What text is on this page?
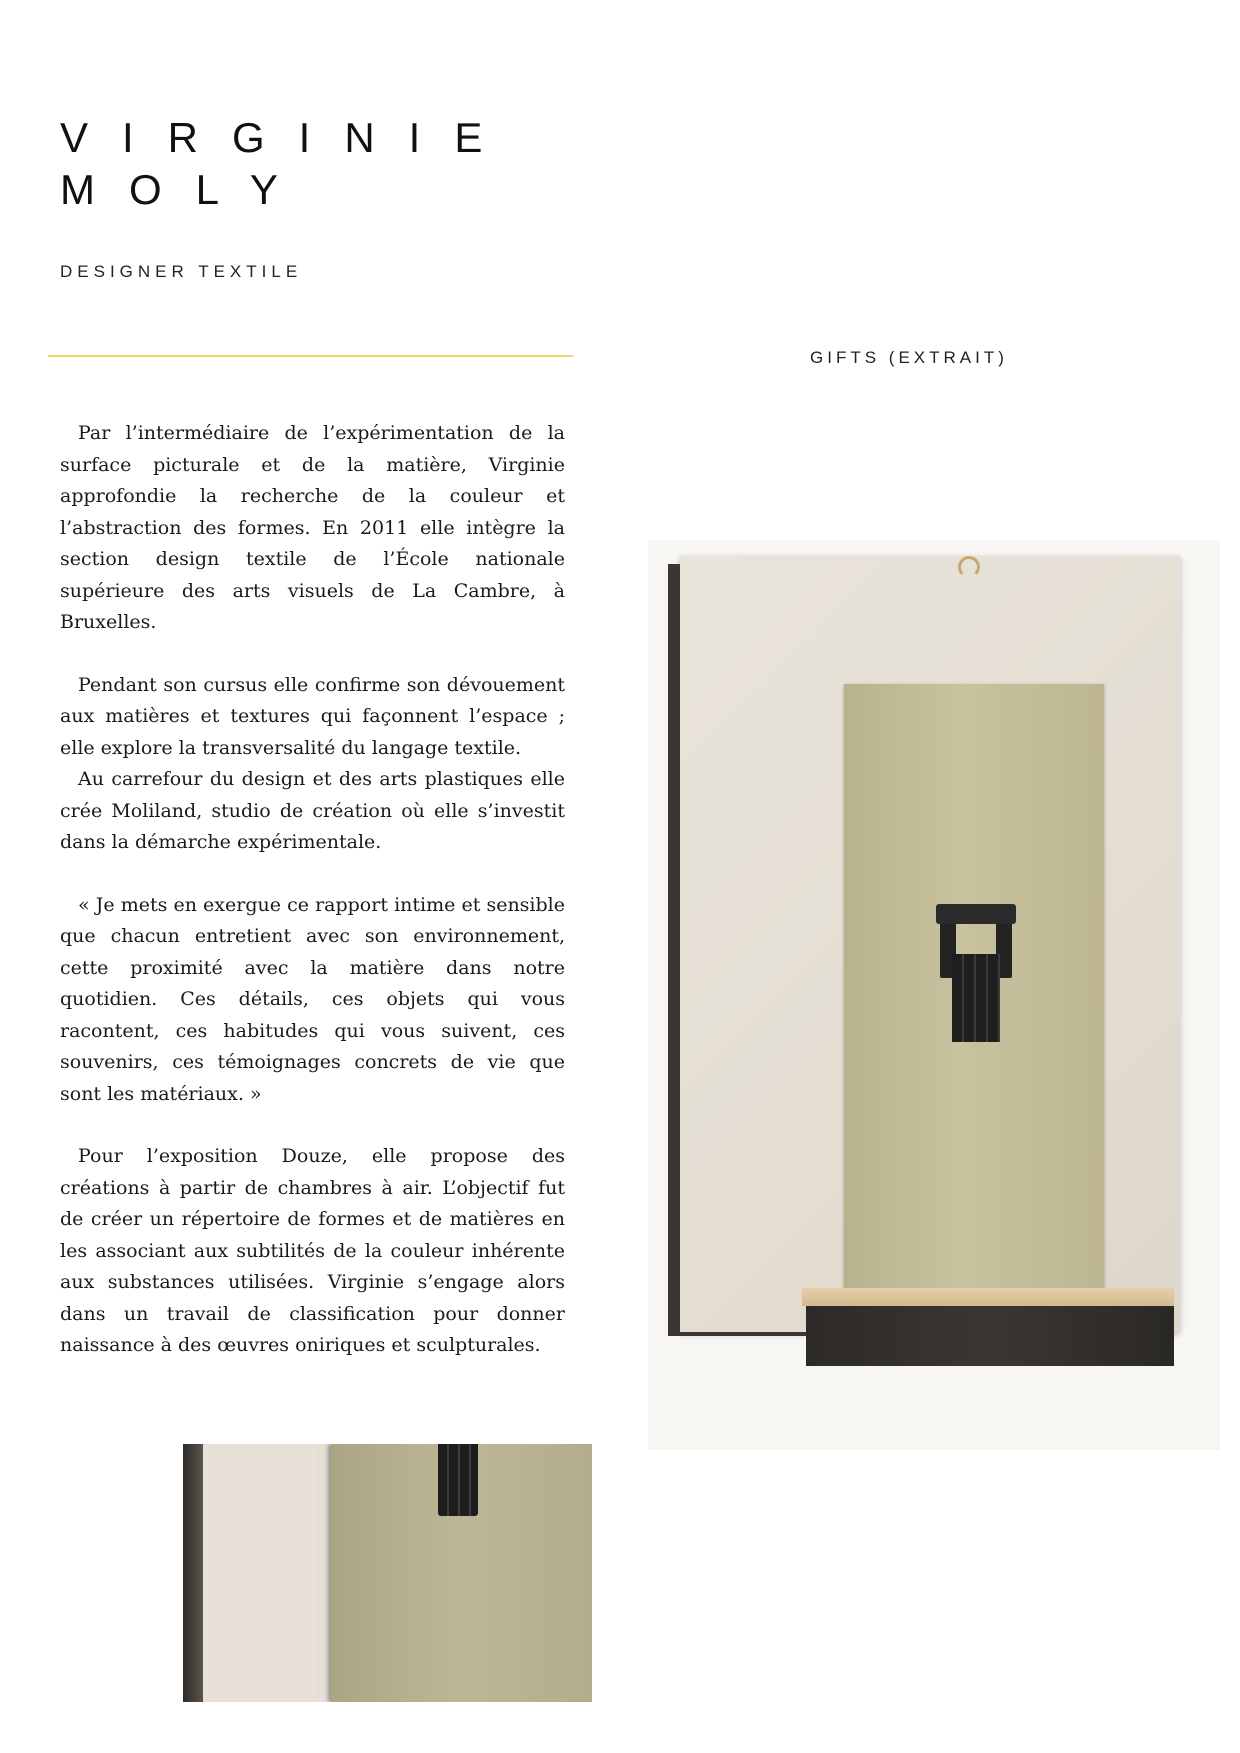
VIRGINIE
MOLY
DESIGNER TEXTILE
GIFTS (EXTRAIT)

Par l’intermédiaire de l’expérimentation de la surface picturale et de la matière, Virginie approfondie la recherche de la couleur et l’abstraction des formes. En 2011 elle intègre la section design textile de l’École nationale supérieure des arts visuels de La Cambre, à Bruxelles.

Pendant son cursus elle confirme son dévouement aux matières et textures qui façonnent l’espace ; elle explore la transversalité du langage textile.

Au carrefour du design et des arts plastiques elle crée Moliland, studio de création où elle s’investit dans la démarche expérimentale.

« Je mets en exergue ce rapport intime et sensible que chacun entretient avec son environnement, cette proximité avec la matière dans notre quotidien. Ces détails, ces objets qui vous racontent, ces habitudes qui vous suivent, ces souvenirs, ces témoignages concrets de vie que sont les matériaux. »

Pour l’exposition Douze, elle propose des créations à partir de chambres à air. L’objectif fut de créer un répertoire de formes et de matières en les associant aux subtilités de la couleur inhérente aux substances utilisées. Virginie s’engage alors dans un travail de classification pour donner naissance à des œuvres oniriques et sculpturales.
